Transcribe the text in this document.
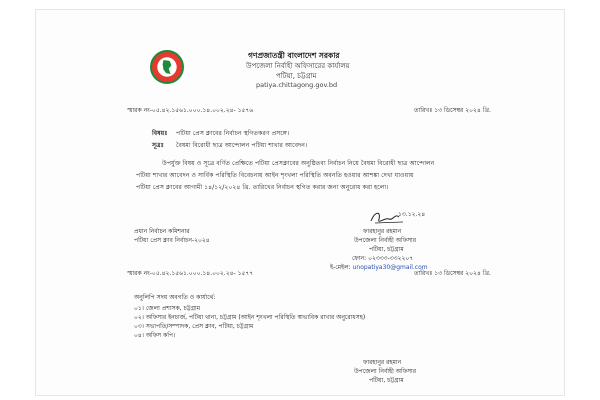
গণপ্রজাতন্ত্রী বাংলাদেশ সরকার
উপজেলা নির্বাহী অফিসারের কার্যালয়
পটিয়া, চট্টগ্রাম
patiya.chittagong.gov.bd
স্মারক নং-০৫.৪২.১৫৬১.০০০.১৪.০০২.২৪- ১৫৭৬	তারিখঃ ১৩ ডিসেম্বর ২০২৪ খ্রি.
বিষয়ঃ পটিয়া প্রেস ক্লাবের নির্বাচন স্থগিতকরণ প্রসঙ্গে।
সূত্রঃ বৈষম্য বিরোধী ছাত্র আন্দোলন পটিয়া শাখার আবেদন।
উপর্যুক্ত বিষয় ও সূত্রে বর্ণিত প্রেক্ষিতে পটিয়া প্রেসক্লাবের অনুষ্ঠিতব্য নির্বাচন নিয়ে বৈষম্য বিরোধী ছাত্র আন্দোলন
পটিয়া শাখার আবেদন ও সার্বিক পরিস্থিতি বিবেচনায় আইন শৃংখলা পরিস্থিতি অবনতি হওয়ার আশঙ্কা দেখা যাওয়ায়
পটিয়া প্রেস ক্লাবের আগামী ১৪/১২/২০২৪ খ্রি. তারিখের নির্বাচন স্থগিত করার জন্য অনুরোধ করা হলো।
প্রধান নির্বাচন কমিশনার
পটিয়া প্রেস ক্লাব নির্বাচন-২০২৪
১৩.১২.২৪
ফারহানুর রহমান
উপজেলা নির্বাহী অফিসার
পটিয়া, চট্টগ্রাম
ফোন: ০২৩৩৩-৩৩২২০৭
ই-মেইল: unopatiya30@gmail.com
স্মারক নং-০৫.৪২.১৫৬১.০০০.১৪.০০২.২৪- ১৫৭৭	তারিখঃ ১৩ ডিসেম্বর ২০২৪ খ্রি.
অনুলিপি সদয় অবগতি ও কার্যার্থে:
০১। জেলা প্রশাসক, চট্টগ্রাম
০২। অফিসার ইনচার্জ, পটিয়া থানা, চট্টগ্রাম (আইন শৃংখলা পরিস্থিতি স্বাভাবিক রাখার অনুরোধসহ)
০৩। সভাপতি/সম্পাদক, প্রেস ক্লাব, পটিয়া, চট্টগ্রাম
০৪। অফিস কপি।
ফারহানুর রহমান
উপজেলা নির্বাহী অফিসার
পটিয়া, চট্টগ্রাম
